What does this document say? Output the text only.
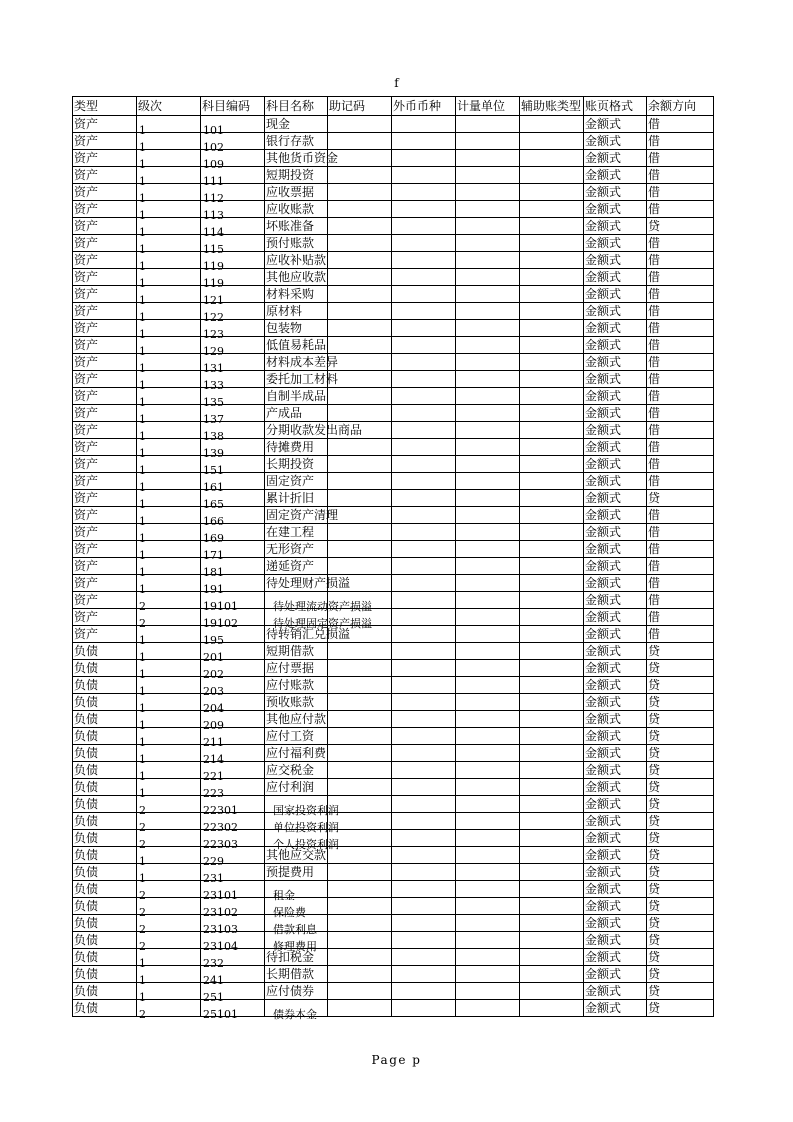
f
类型	级次	科目编码	科目名称	助记码	外币币种	计量单位	辅助账类型	账页格式	余额方向
资产	1	101	现金					金额式	借
资产	1	102	银行存款					金额式	借
资产	1	109	其他货币资金					金额式	借
资产	1	111	短期投资					金额式	借
资产	1	112	应收票据					金额式	借
资产	1	113	应收账款					金额式	借
资产	1	114	坏账准备					金额式	贷
资产	1	115	预付账款					金额式	借
资产	1	119	应收补贴款					金额式	借
资产	1	119	其他应收款					金额式	借
资产	1	121	材料采购					金额式	借
资产	1	122	原材料					金额式	借
资产	1	123	包装物					金额式	借
资产	1	129	低值易耗品					金额式	借
资产	1	131	材料成本差异					金额式	借
资产	1	133	委托加工材料					金额式	借
资产	1	135	自制半成品					金额式	借
资产	1	137	产成品					金额式	借
资产	1	138	分期收款发出商品					金额式	借
资产	1	139	待摊费用					金额式	借
资产	1	151	长期投资					金额式	借
资产	1	161	固定资产					金额式	借
资产	1	165	累计折旧					金额式	贷
资产	1	166	固定资产清理					金额式	借
资产	1	169	在建工程					金额式	借
资产	1	171	无形资产					金额式	借
资产	1	181	递延资产					金额式	借
资产	1	191	待处理财产损溢					金额式	借
资产	2	19101	待处理流动资产损溢					金额式	借
资产	2	19102	待处理固定资产损溢					金额式	借
资产	1	195	待转销汇兑损溢					金额式	借
负债	1	201	短期借款					金额式	贷
负债	1	202	应付票据					金额式	贷
负债	1	203	应付账款					金额式	贷
负债	1	204	预收账款					金额式	贷
负债	1	209	其他应付款					金额式	贷
负债	1	211	应付工资					金额式	贷
负债	1	214	应付福利费					金额式	贷
负债	1	221	应交税金					金额式	贷
负债	1	223	应付利润					金额式	贷
负债	2	22301	国家投资利润					金额式	贷
负债	2	22302	单位投资利润					金额式	贷
负债	2	22303	个人投资利润					金额式	贷
负债	1	229	其他应交款					金额式	贷
负债	1	231	预提费用					金额式	贷
负债	2	23101	租金					金额式	贷
负债	2	23102	保险费					金额式	贷
负债	2	23103	借款利息					金额式	贷
负债	2	23104	修理费用					金额式	贷
负债	1	232	待扣税金					金额式	贷
负债	1	241	长期借款					金额式	贷
负债	1	251	应付债券					金额式	贷
负债	2	25101	债券本金					金额式	贷
Page p
